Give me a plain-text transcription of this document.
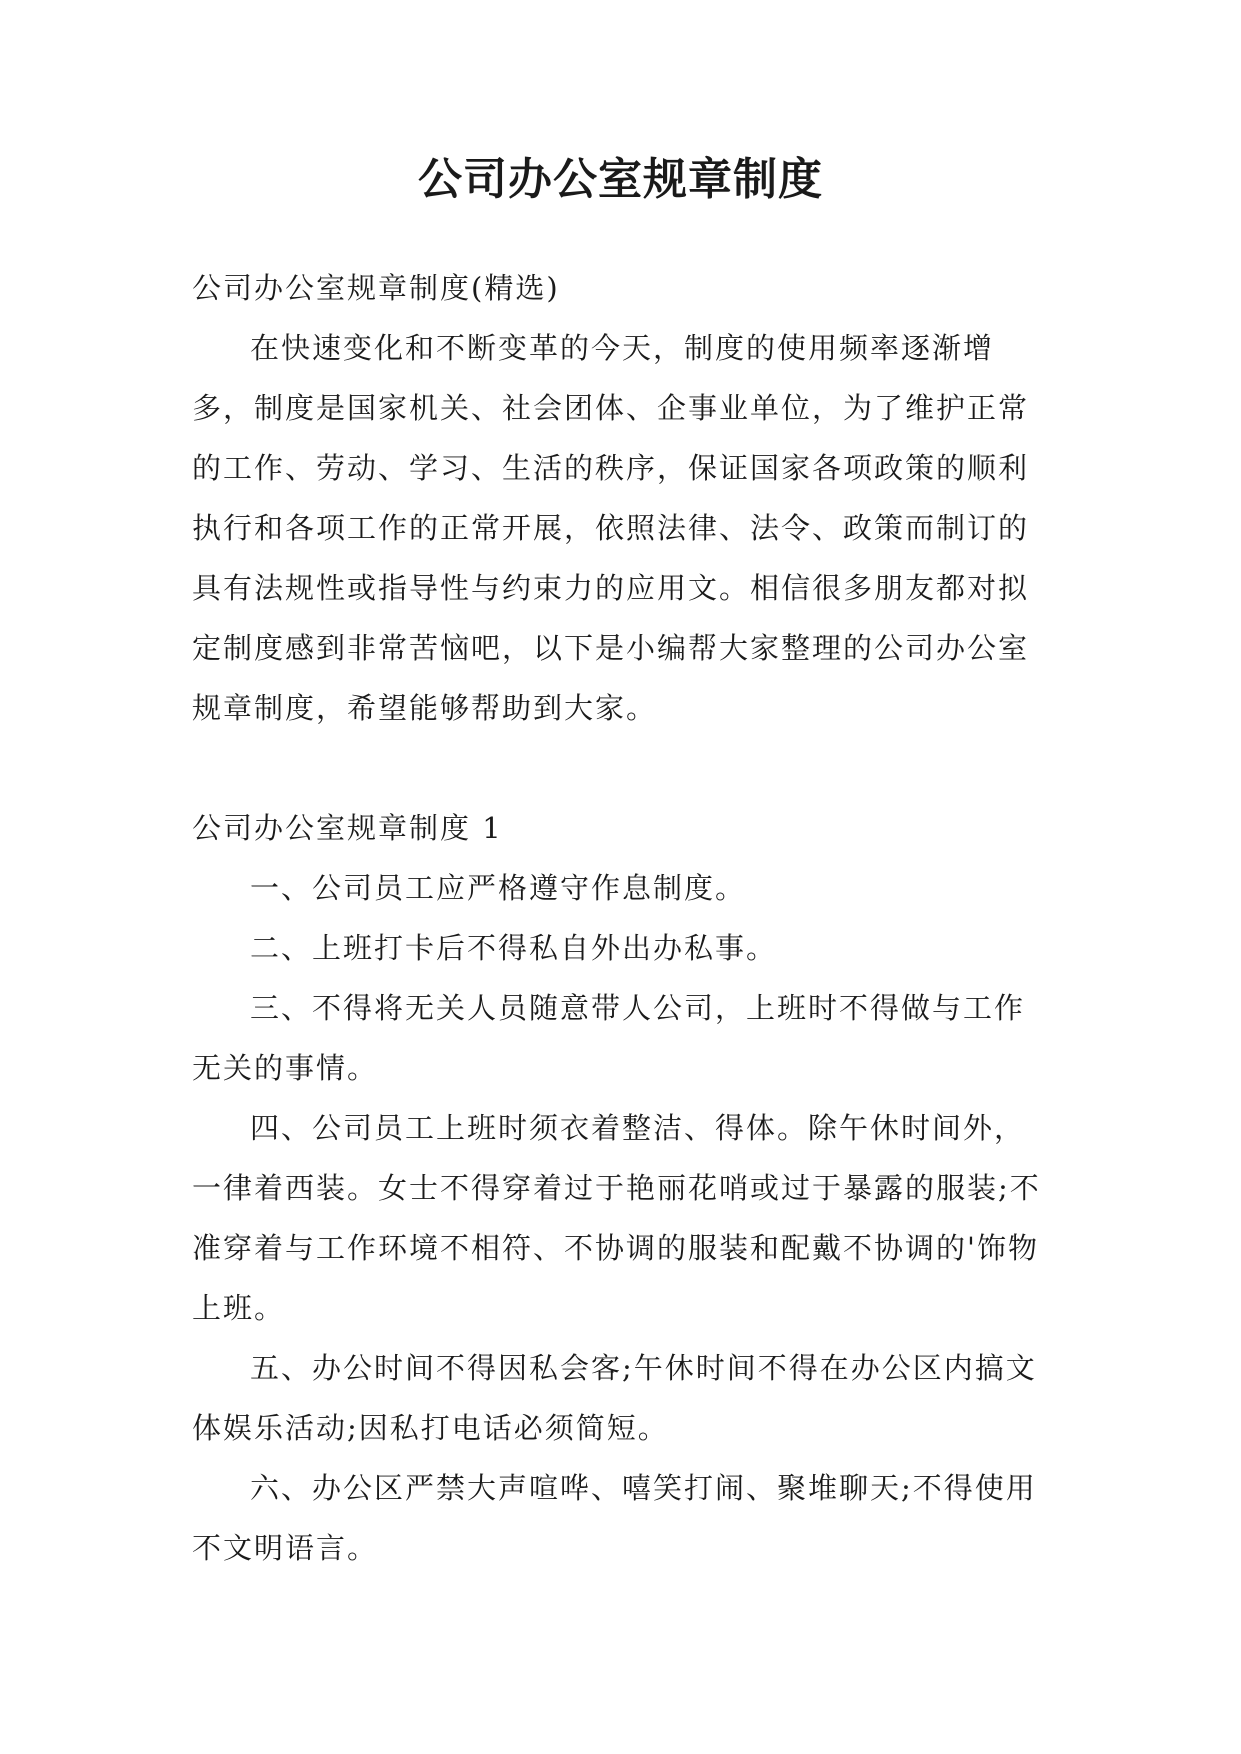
公司办公室规章制度

公司办公室规章制度(精选)

在快速变化和不断变革的今天，制度的使用频率逐渐增多，制度是国家机关、社会团体、企事业单位，为了维护正常的工作、劳动、学习、生活的秩序，保证国家各项政策的顺利执行和各项工作的正常开展，依照法律、法令、政策而制订的具有法规性或指导性与约束力的应用文。相信很多朋友都对拟定制度感到非常苦恼吧，以下是小编帮大家整理的公司办公室规章制度，希望能够帮助到大家。

公司办公室规章制度 1

一、公司员工应严格遵守作息制度。

二、上班打卡后不得私自外出办私事。

三、不得将无关人员随意带人公司，上班时不得做与工作无关的事情。

四、公司员工上班时须衣着整洁、得体。除午休时间外，一律着西装。女士不得穿着过于艳丽花哨或过于暴露的服装;不准穿着与工作环境不相符、不协调的服装和配戴不协调的'饰物上班。

五、办公时间不得因私会客;午休时间不得在办公区内搞文体娱乐活动;因私打电话必须简短。

六、办公区严禁大声喧哗、嘻笑打闹、聚堆聊天;不得使用不文明语言。
